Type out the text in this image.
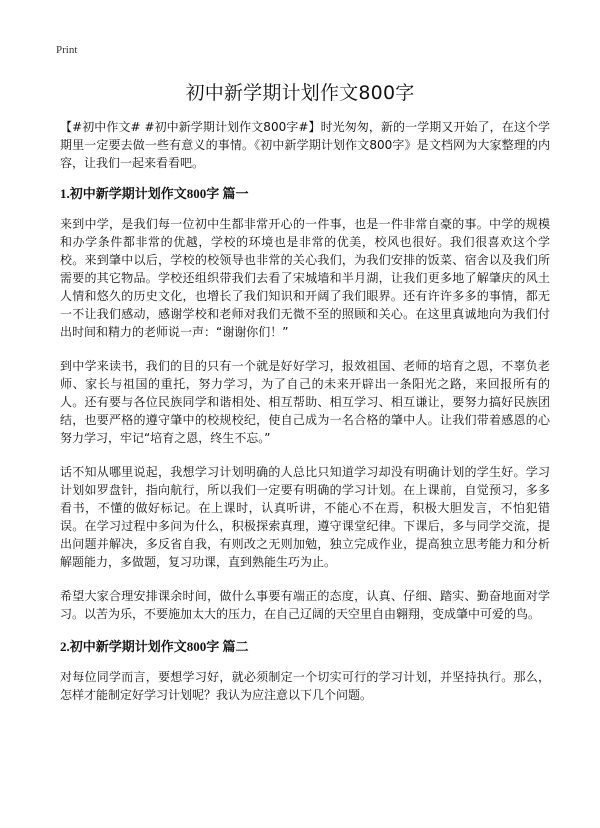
Print
初中新学期计划作文800字

【#初中作文# #初中新学期计划作文800字#】时光匆匆，新的一学期又开始了，在这个学期里一定要去做一些有意义的事情。《初中新学期计划作文800字》是文档网为大家整理的内容，让我们一起来看看吧。

1.初中新学期计划作文800字 篇一

来到中学，是我们每一位初中生都非常开心的一件事，也是一件非常自豪的事。中学的规模和办学条件都非常的优越，学校的环境也是非常的优美，校风也很好。我们很喜欢这个学校。来到肇中以后，学校的校领导也非常的关心我们，为我们安排的饭菜、宿舍以及我们所需要的其它物品。学校还组织带我们去看了宋城墙和半月湖，让我们更多地了解肇庆的风土人情和悠久的历史文化，也增长了我们知识和开阔了我们眼界。还有许许多多的事情，都无一不让我们感动，感谢学校和老师对我们无微不至的照顾和关心。在这里真诚地向为我们付出时间和精力的老师说一声：“谢谢你们！”

到中学来读书，我们的目的只有一个就是好好学习，报效祖国、老师的培育之恩，不辜负老师、家长与祖国的重托，努力学习，为了自己的未来开辟出一条阳光之路，来回报所有的人。还有要与各位民族同学和谐相处、相互帮助、相互学习、相互谦让，要努力搞好民族团结，也要严格的遵守肇中的校规校纪，使自己成为一名合格的肇中人。让我们带着感恩的心努力学习，牢记“培育之恩，终生不忘。”

话不知从哪里说起，我想学习计划明确的人总比只知道学习却没有明确计划的学生好。学习计划如罗盘针，指向航行，所以我们一定要有明确的学习计划。在上课前，自觉预习，多多看书，不懂的做好标记。在上课时，认真听讲，不能心不在焉，积极大胆发言，不怕犯错误。在学习过程中多问为什么，积极探索真理，遵守课堂纪律。下课后，多与同学交流，提出问题并解决，多反省自我，有则改之无则加勉，独立完成作业，提高独立思考能力和分析解题能力，多做题，复习功课，直到熟能生巧为止。

希望大家合理安排课余时间，做什么事要有端正的态度，认真、仔细、踏实、勤奋地面对学习。以苦为乐，不要施加太大的压力，在自己辽阔的天空里自由翱翔，变成肇中可爱的鸟。

2.初中新学期计划作文800字 篇二

对每位同学而言，要想学习好，就必须制定一个切实可行的学习计划，并坚持执行。那么，怎样才能制定好学习计划呢？我认为应注意以下几个问题。
